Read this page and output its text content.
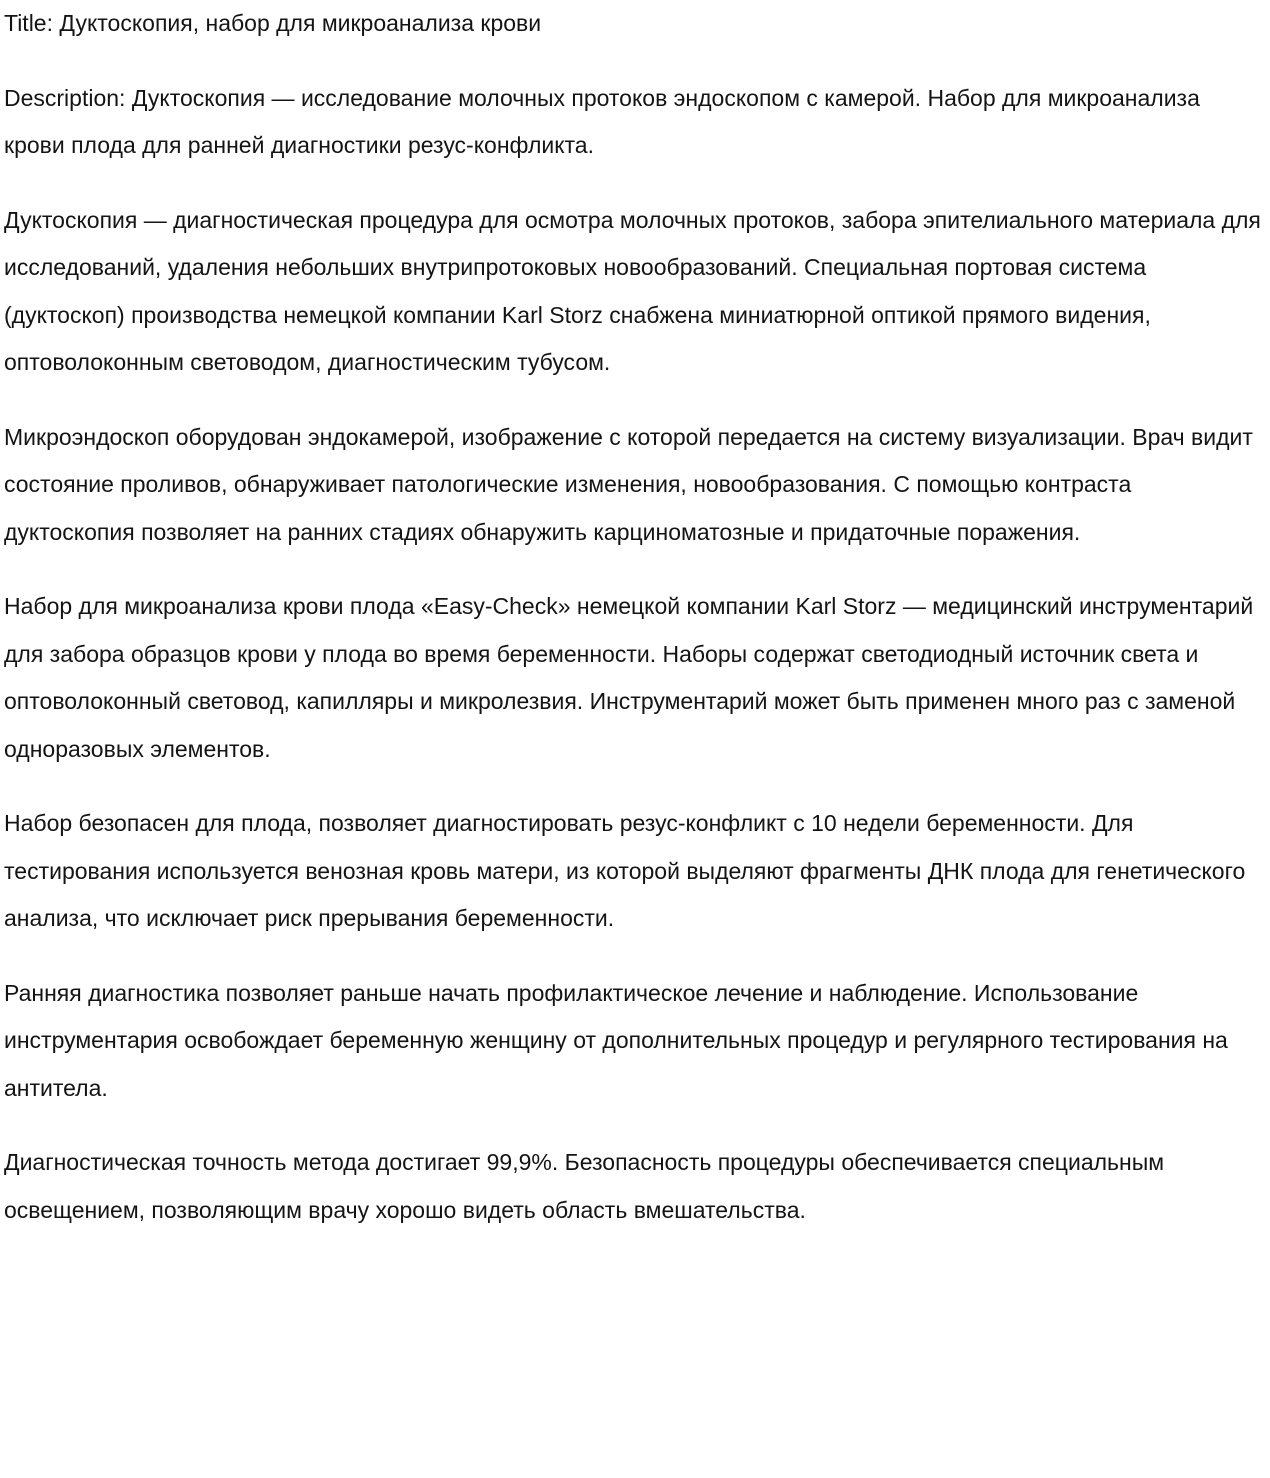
Title: Дуктоскопия, набор для микроанализа крови

Description: Дуктоскопия — исследование молочных протоков эндоскопом с камерой. Набор для микроанализа крови плода для ранней диагностики резус-конфликта.

Дуктоскопия — диагностическая процедура для осмотра молочных протоков, забора эпителиального материала для исследований, удаления небольших внутрипротоковых новообразований. Специальная портовая система (дуктоскоп) производства немецкой компании Karl Storz снабжена миниатюрной оптикой прямого видения, оптоволоконным световодом, диагностическим тубусом.

Микроэндоскоп оборудован эндокамерой, изображение с которой передается на систему визуализации. Врач видит состояние проливов, обнаруживает патологические изменения, новообразования. С помощью контраста дуктоскопия позволяет на ранних стадиях обнаружить карциноматозные и придаточные поражения.

Набор для микроанализа крови плода «Easy-Check» немецкой компании Karl Storz — медицинский инструментарий для забора образцов крови у плода во время беременности. Наборы содержат светодиодный источник света и оптоволоконный световод, капилляры и микролезвия. Инструментарий может быть применен много раз с заменой одноразовых элементов.

Набор безопасен для плода, позволяет диагностировать резус-конфликт с 10 недели беременности. Для тестирования используется венозная кровь матери, из которой выделяют фрагменты ДНК плода для генетического анализа, что исключает риск прерывания беременности.

Ранняя диагностика позволяет раньше начать профилактическое лечение и наблюдение. Использование инструментария освобождает беременную женщину от дополнительных процедур и регулярного тестирования на антитела.

Диагностическая точность метода достигает 99,9%. Безопасность процедуры обеспечивается специальным освещением, позволяющим врачу хорошо видеть область вмешательства.
